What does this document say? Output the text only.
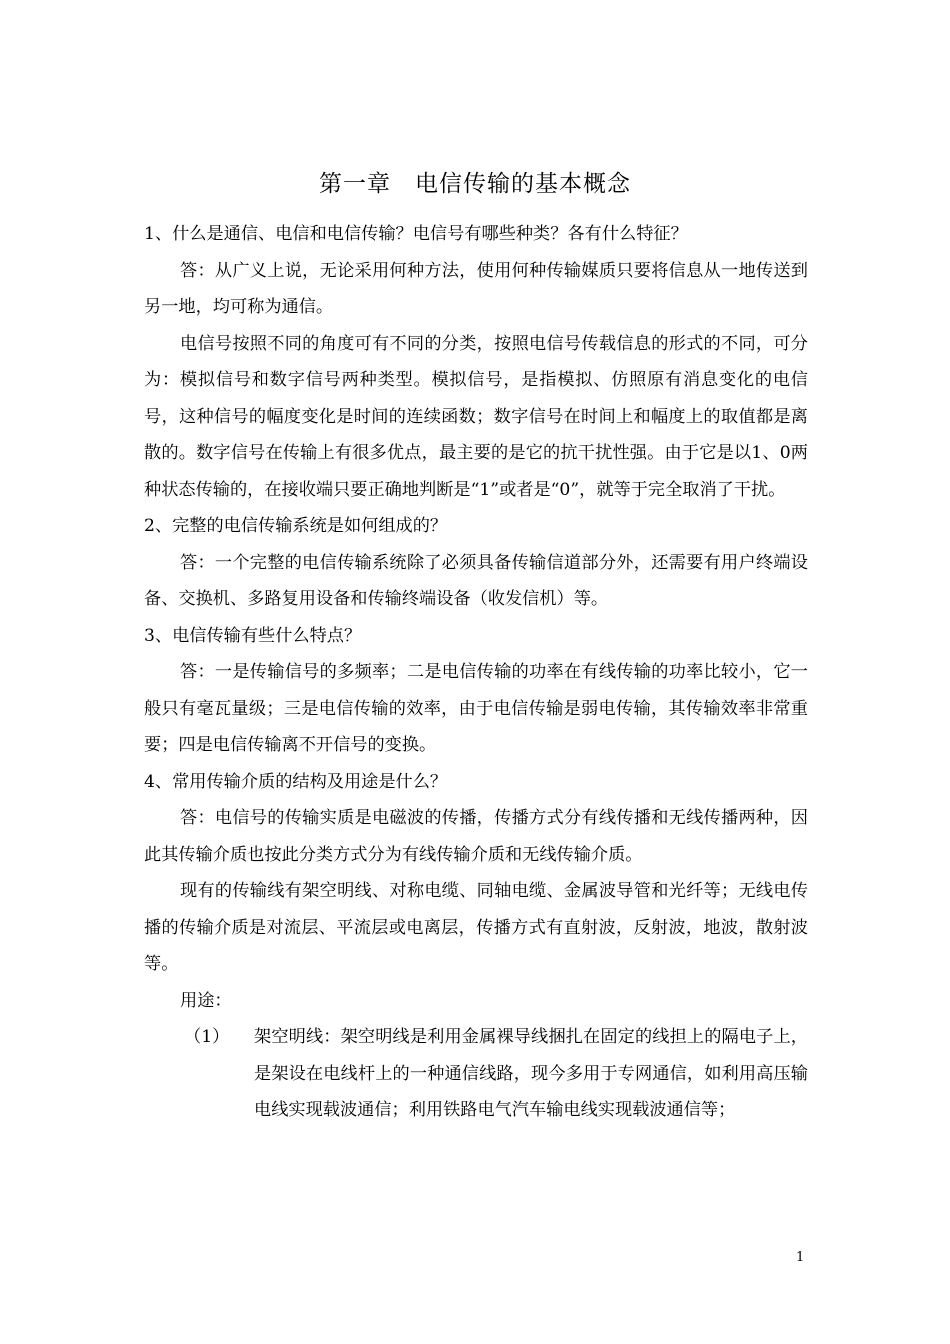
第一章　电信传输的基本概念

1、什么是通信、电信和电信传输？电信号有哪些种类？各有什么特征？

答：从广义上说，无论采用何种方法，使用何种传输媒质只要将信息从一地传送到另一地，均可称为通信。

电信号按照不同的角度可有不同的分类，按照电信号传载信息的形式的不同，可分为：模拟信号和数字信号两种类型。模拟信号，是指模拟、仿照原有消息变化的电信号，这种信号的幅度变化是时间的连续函数；数字信号在时间上和幅度上的取值都是离散的。数字信号在传输上有很多优点，最主要的是它的抗干扰性强。由于它是以1、0两种状态传输的，在接收端只要正确地判断是“1”或者是“0”，就等于完全取消了干扰。

2、完整的电信传输系统是如何组成的？

答：一个完整的电信传输系统除了必须具备传输信道部分外，还需要有用户终端设备、交换机、多路复用设备和传输终端设备（收发信机）等。

3、电信传输有些什么特点？

答：一是传输信号的多频率；二是电信传输的功率在有线传输的功率比较小，它一般只有毫瓦量级；三是电信传输的效率，由于电信传输是弱电传输，其传输效率非常重要；四是电信传输离不开信号的变换。

4、常用传输介质的结构及用途是什么？

答：电信号的传输实质是电磁波的传播，传播方式分有线传播和无线传播两种，因此其传输介质也按此分类方式分为有线传输介质和无线传输介质。

现有的传输线有架空明线、对称电缆、同轴电缆、金属波导管和光纤等；无线电传播的传输介质是对流层、平流层或电离层，传播方式有直射波，反射波，地波，散射波等。

用途：

（1）	架空明线：架空明线是利用金属裸导线捆扎在固定的线担上的隔电子上，是架设在电线杆上的一种通信线路，现今多用于专网通信，如利用高压输电线实现载波通信；利用铁路电气汽车输电线实现载波通信等；
1
